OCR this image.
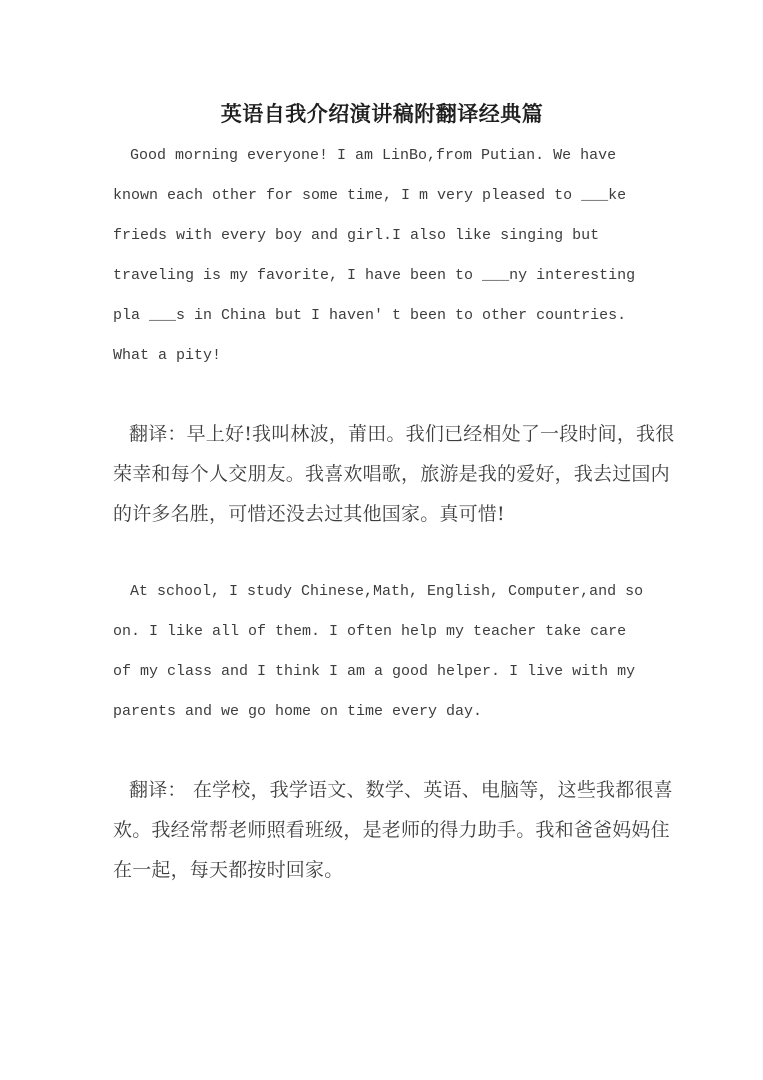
英语自我介绍演讲稿附翻译经典篇
Good morning everyone! I am LinBo,from Putian. We have
known each other for some time, I m very pleased to ___ke
frieds with every boy and girl.I also like singing but
traveling is my favorite, I have been to ___ny interesting
pla ___s in China but I haven' t been to other countries.
What a pity!
翻译：早上好!我叫林波，莆田。我们已经相处了一段时间，我很
荣幸和每个人交朋友。我喜欢唱歌，旅游是我的爱好，我去过国内
的许多名胜，可惜还没去过其他国家。真可惜!
At school, I study Chinese,Math, English, Computer,and so
on. I like all of them. I often help my teacher take care
of my class and I think I am a good helper. I live with my
parents and we go home on time every day.
翻译： 在学校，我学语文、数学、英语、电脑等，这些我都很喜
欢。我经常帮老师照看班级，是老师的得力助手。我和爸爸妈妈住
在一起，每天都按时回家。
